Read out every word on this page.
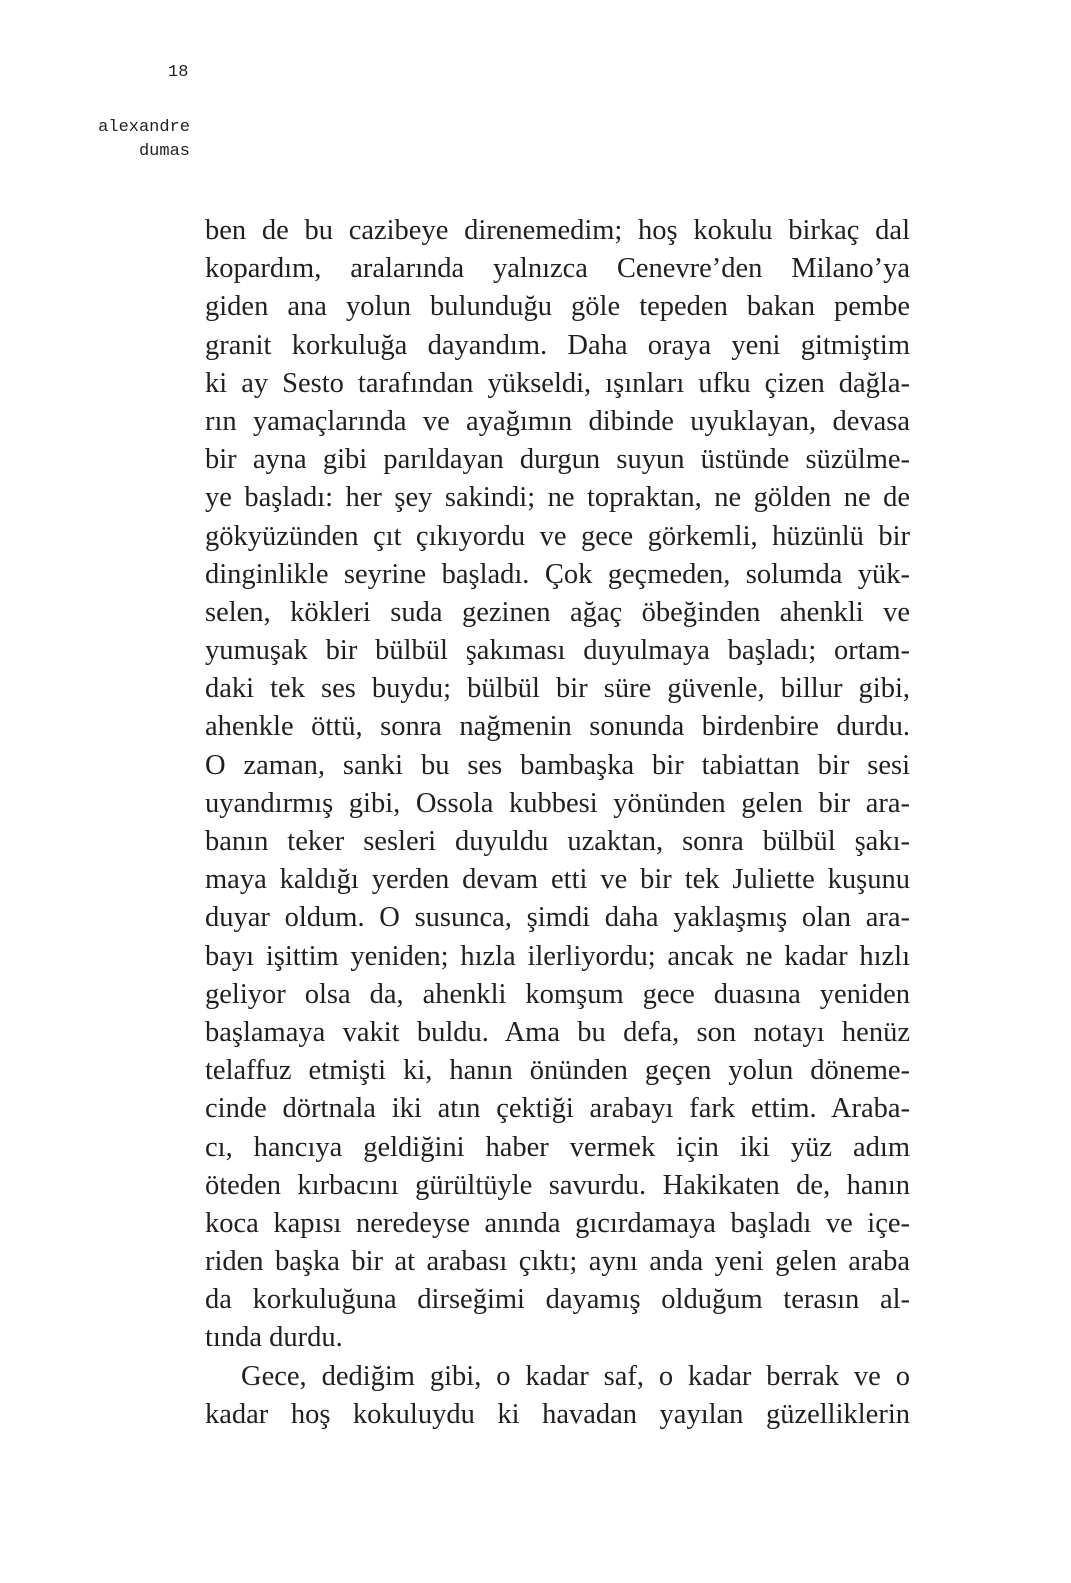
18
alexandre
dumas
ben de bu cazibeye direnemedim; hoş kokulu birkaç dal
kopardım, aralarında yalnızca Cenevre’den Milano’ya
giden ana yolun bulunduğu göle tepeden bakan pembe
granit korkuluğa dayandım. Daha oraya yeni gitmiştim
ki ay Sesto tarafından yükseldi, ışınları ufku çizen dağla-
rın yamaçlarında ve ayağımın dibinde uyuklayan, devasa
bir ayna gibi parıldayan durgun suyun üstünde süzülme-
ye başladı: her şey sakindi; ne topraktan, ne gölden ne de
gökyüzünden çıt çıkıyordu ve gece görkemli, hüzünlü bir
dinginlikle seyrine başladı. Çok geçmeden, solumda yük-
selen, kökleri suda gezinen ağaç öbeğinden ahenkli ve
yumuşak bir bülbül şakıması duyulmaya başladı; ortam-
daki tek ses buydu; bülbül bir süre güvenle, billur gibi,
ahenkle öttü, sonra nağmenin sonunda birdenbire durdu.
O zaman, sanki bu ses bambaşka bir tabiattan bir sesi
uyandırmış gibi, Ossola kubbesi yönünden gelen bir ara-
banın teker sesleri duyuldu uzaktan, sonra bülbül şakı-
maya kaldığı yerden devam etti ve bir tek Juliette kuşunu
duyar oldum. O susunca, şimdi daha yaklaşmış olan ara-
bayı işittim yeniden; hızla ilerliyordu; ancak ne kadar hızlı
geliyor olsa da, ahenkli komşum gece duasına yeniden
başlamaya vakit buldu. Ama bu defa, son notayı henüz
telaffuz etmişti ki, hanın önünden geçen yolun döneme-
cinde dörtnala iki atın çektiği arabayı fark ettim. Araba-
cı, hancıya geldiğini haber vermek için iki yüz adım
öteden kırbacını gürültüyle savurdu. Hakikaten de, hanın
koca kapısı neredeyse anında gıcırdamaya başladı ve içe-
riden başka bir at arabası çıktı; aynı anda yeni gelen araba
da korkuluğuna dirseğimi dayamış olduğum terasın al-
tında durdu.
Gece, dediğim gibi, o kadar saf, o kadar berrak ve o
kadar hoş kokuluydu ki havadan yayılan güzelliklerin
